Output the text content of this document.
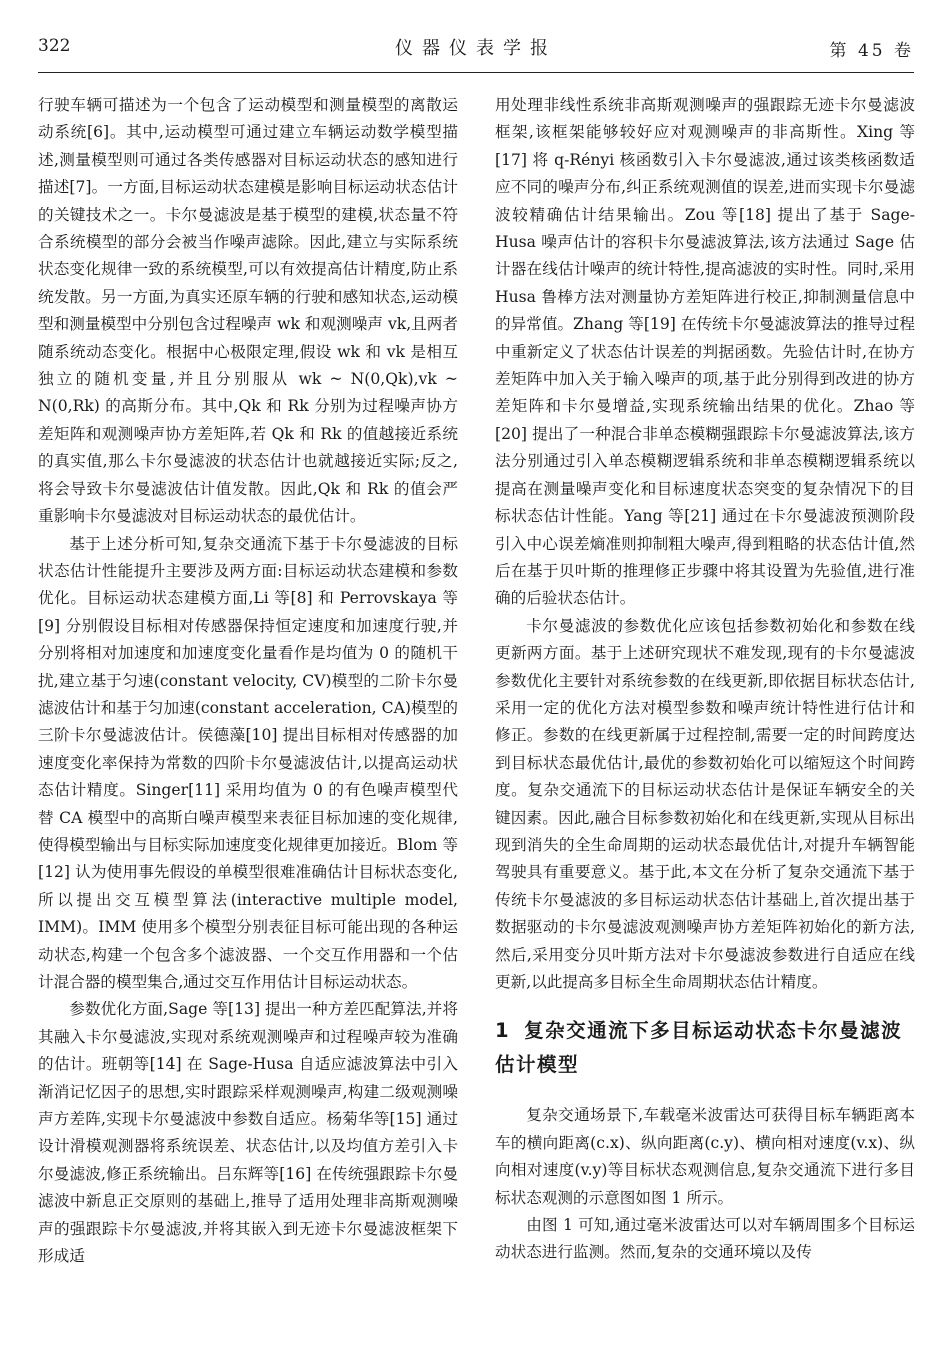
322	仪器仪表学报	第 45 卷

行驶车辆可描述为一个包含了运动模型和测量模型的离散运动系统[6]。其中,运动模型可通过建立车辆运动数学模型描述,测量模型则可通过各类传感器对目标运动状态的感知进行描述[7]。一方面,目标运动状态建模是影响目标运动状态估计的关键技术之一。卡尔曼滤波是基于模型的建模,状态量不符合系统模型的部分会被当作噪声滤除。因此,建立与实际系统状态变化规律一致的系统模型,可以有效提高估计精度,防止系统发散。另一方面,为真实还原车辆的行驶和感知状态,运动模型和测量模型中分别包含过程噪声 wk 和观测噪声 vk,且两者随系统动态变化。根据中心极限定理,假设 wk 和 vk 是相互独立的随机变量,并且分别服从 wk ~ N(0,Qk),vk ~ N(0,Rk) 的高斯分布。其中,Qk 和 Rk 分别为过程噪声协方差矩阵和观测噪声协方差矩阵,若 Qk 和 Rk 的值越接近系统的真实值,那么卡尔曼滤波的状态估计也就越接近实际;反之,将会导致卡尔曼滤波估计值发散。因此,Qk 和 Rk 的值会严重影响卡尔曼滤波对目标运动状态的最优估计。

基于上述分析可知,复杂交通流下基于卡尔曼滤波的目标状态估计性能提升主要涉及两方面:目标运动状态建模和参数优化。目标运动状态建模方面,Li 等[8] 和 Perrovskaya 等[9] 分别假设目标相对传感器保持恒定速度和加速度行驶,并分别将相对加速度和加速度变化量看作是均值为 0 的随机干扰,建立基于匀速(constant velocity, CV)模型的二阶卡尔曼滤波估计和基于匀加速(constant acceleration, CA)模型的三阶卡尔曼滤波估计。侯德藻[10] 提出目标相对传感器的加速度变化率保持为常数的四阶卡尔曼滤波估计,以提高运动状态估计精度。Singer[11] 采用均值为 0 的有色噪声模型代替 CA 模型中的高斯白噪声模型来表征目标加速的变化规律,使得模型输出与目标实际加速度变化规律更加接近。Blom 等[12] 认为使用事先假设的单模型很难准确估计目标状态变化,所以提出交互模型算法(interactive multiple model, IMM)。IMM 使用多个模型分别表征目标可能出现的各种运动状态,构建一个包含多个滤波器、一个交互作用器和一个估计混合器的模型集合,通过交互作用估计目标运动状态。

参数优化方面,Sage 等[13] 提出一种方差匹配算法,并将其融入卡尔曼滤波,实现对系统观测噪声和过程噪声较为准确的估计。班朝等[14] 在 Sage-Husa 自适应滤波算法中引入渐消记忆因子的思想,实时跟踪采样观测噪声,构建二级观测噪声方差阵,实现卡尔曼滤波中参数自适应。杨菊华等[15] 通过设计滑模观测器将系统误差、状态估计,以及均值方差引入卡尔曼滤波,修正系统输出。吕东辉等[16] 在传统强跟踪卡尔曼滤波中新息正交原则的基础上,推导了适用处理非高斯观测噪声的强跟踪卡尔曼滤波,并将其嵌入到无迹卡尔曼滤波框架下形成适

用处理非线性系统非高斯观测噪声的强跟踪无迹卡尔曼滤波框架,该框架能够较好应对观测噪声的非高斯性。Xing 等[17] 将 q-Rényi 核函数引入卡尔曼滤波,通过该类核函数适应不同的噪声分布,纠正系统观测值的误差,进而实现卡尔曼滤波较精确估计结果输出。Zou 等[18] 提出了基于 Sage-Husa 噪声估计的容积卡尔曼滤波算法,该方法通过 Sage 估计器在线估计噪声的统计特性,提高滤波的实时性。同时,采用 Husa 鲁棒方法对测量协方差矩阵进行校正,抑制测量信息中的异常值。Zhang 等[19] 在传统卡尔曼滤波算法的推导过程中重新定义了状态估计误差的判据函数。先验估计时,在协方差矩阵中加入关于输入噪声的项,基于此分别得到改进的协方差矩阵和卡尔曼增益,实现系统输出结果的优化。Zhao 等[20] 提出了一种混合非单态模糊强跟踪卡尔曼滤波算法,该方法分别通过引入单态模糊逻辑系统和非单态模糊逻辑系统以提高在测量噪声变化和目标速度状态突变的复杂情况下的目标状态估计性能。Yang 等[21] 通过在卡尔曼滤波预测阶段引入中心误差熵准则抑制粗大噪声,得到粗略的状态估计值,然后在基于贝叶斯的推理修正步骤中将其设置为先验值,进行准确的后验状态估计。

卡尔曼滤波的参数优化应该包括参数初始化和参数在线更新两方面。基于上述研究现状不难发现,现有的卡尔曼滤波参数优化主要针对系统参数的在线更新,即依据目标状态估计,采用一定的优化方法对模型参数和噪声统计特性进行估计和修正。参数的在线更新属于过程控制,需要一定的时间跨度达到目标状态最优估计,最优的参数初始化可以缩短这个时间跨度。复杂交通流下的目标运动状态估计是保证车辆安全的关键因素。因此,融合目标参数初始化和在线更新,实现从目标出现到消失的全生命周期的运动状态最优估计,对提升车辆智能驾驶具有重要意义。基于此,本文在分析了复杂交通流下基于传统卡尔曼滤波的多目标运动状态估计基础上,首次提出基于数据驱动的卡尔曼滤波观测噪声协方差矩阵初始化的新方法,然后,采用变分贝叶斯方法对卡尔曼滤波参数进行自适应在线更新,以此提高多目标全生命周期状态估计精度。

1 复杂交通流下多目标运动状态卡尔曼滤波估计模型

复杂交通场景下,车载毫米波雷达可获得目标车辆距离本车的横向距离(c.x)、纵向距离(c.y)、横向相对速度(v.x)、纵向相对速度(v.y)等目标状态观测信息,复杂交通流下进行多目标状态观测的示意图如图 1 所示。

由图 1 可知,通过毫米波雷达可以对车辆周围多个目标运动状态进行监测。然而,复杂的交通环境以及传
